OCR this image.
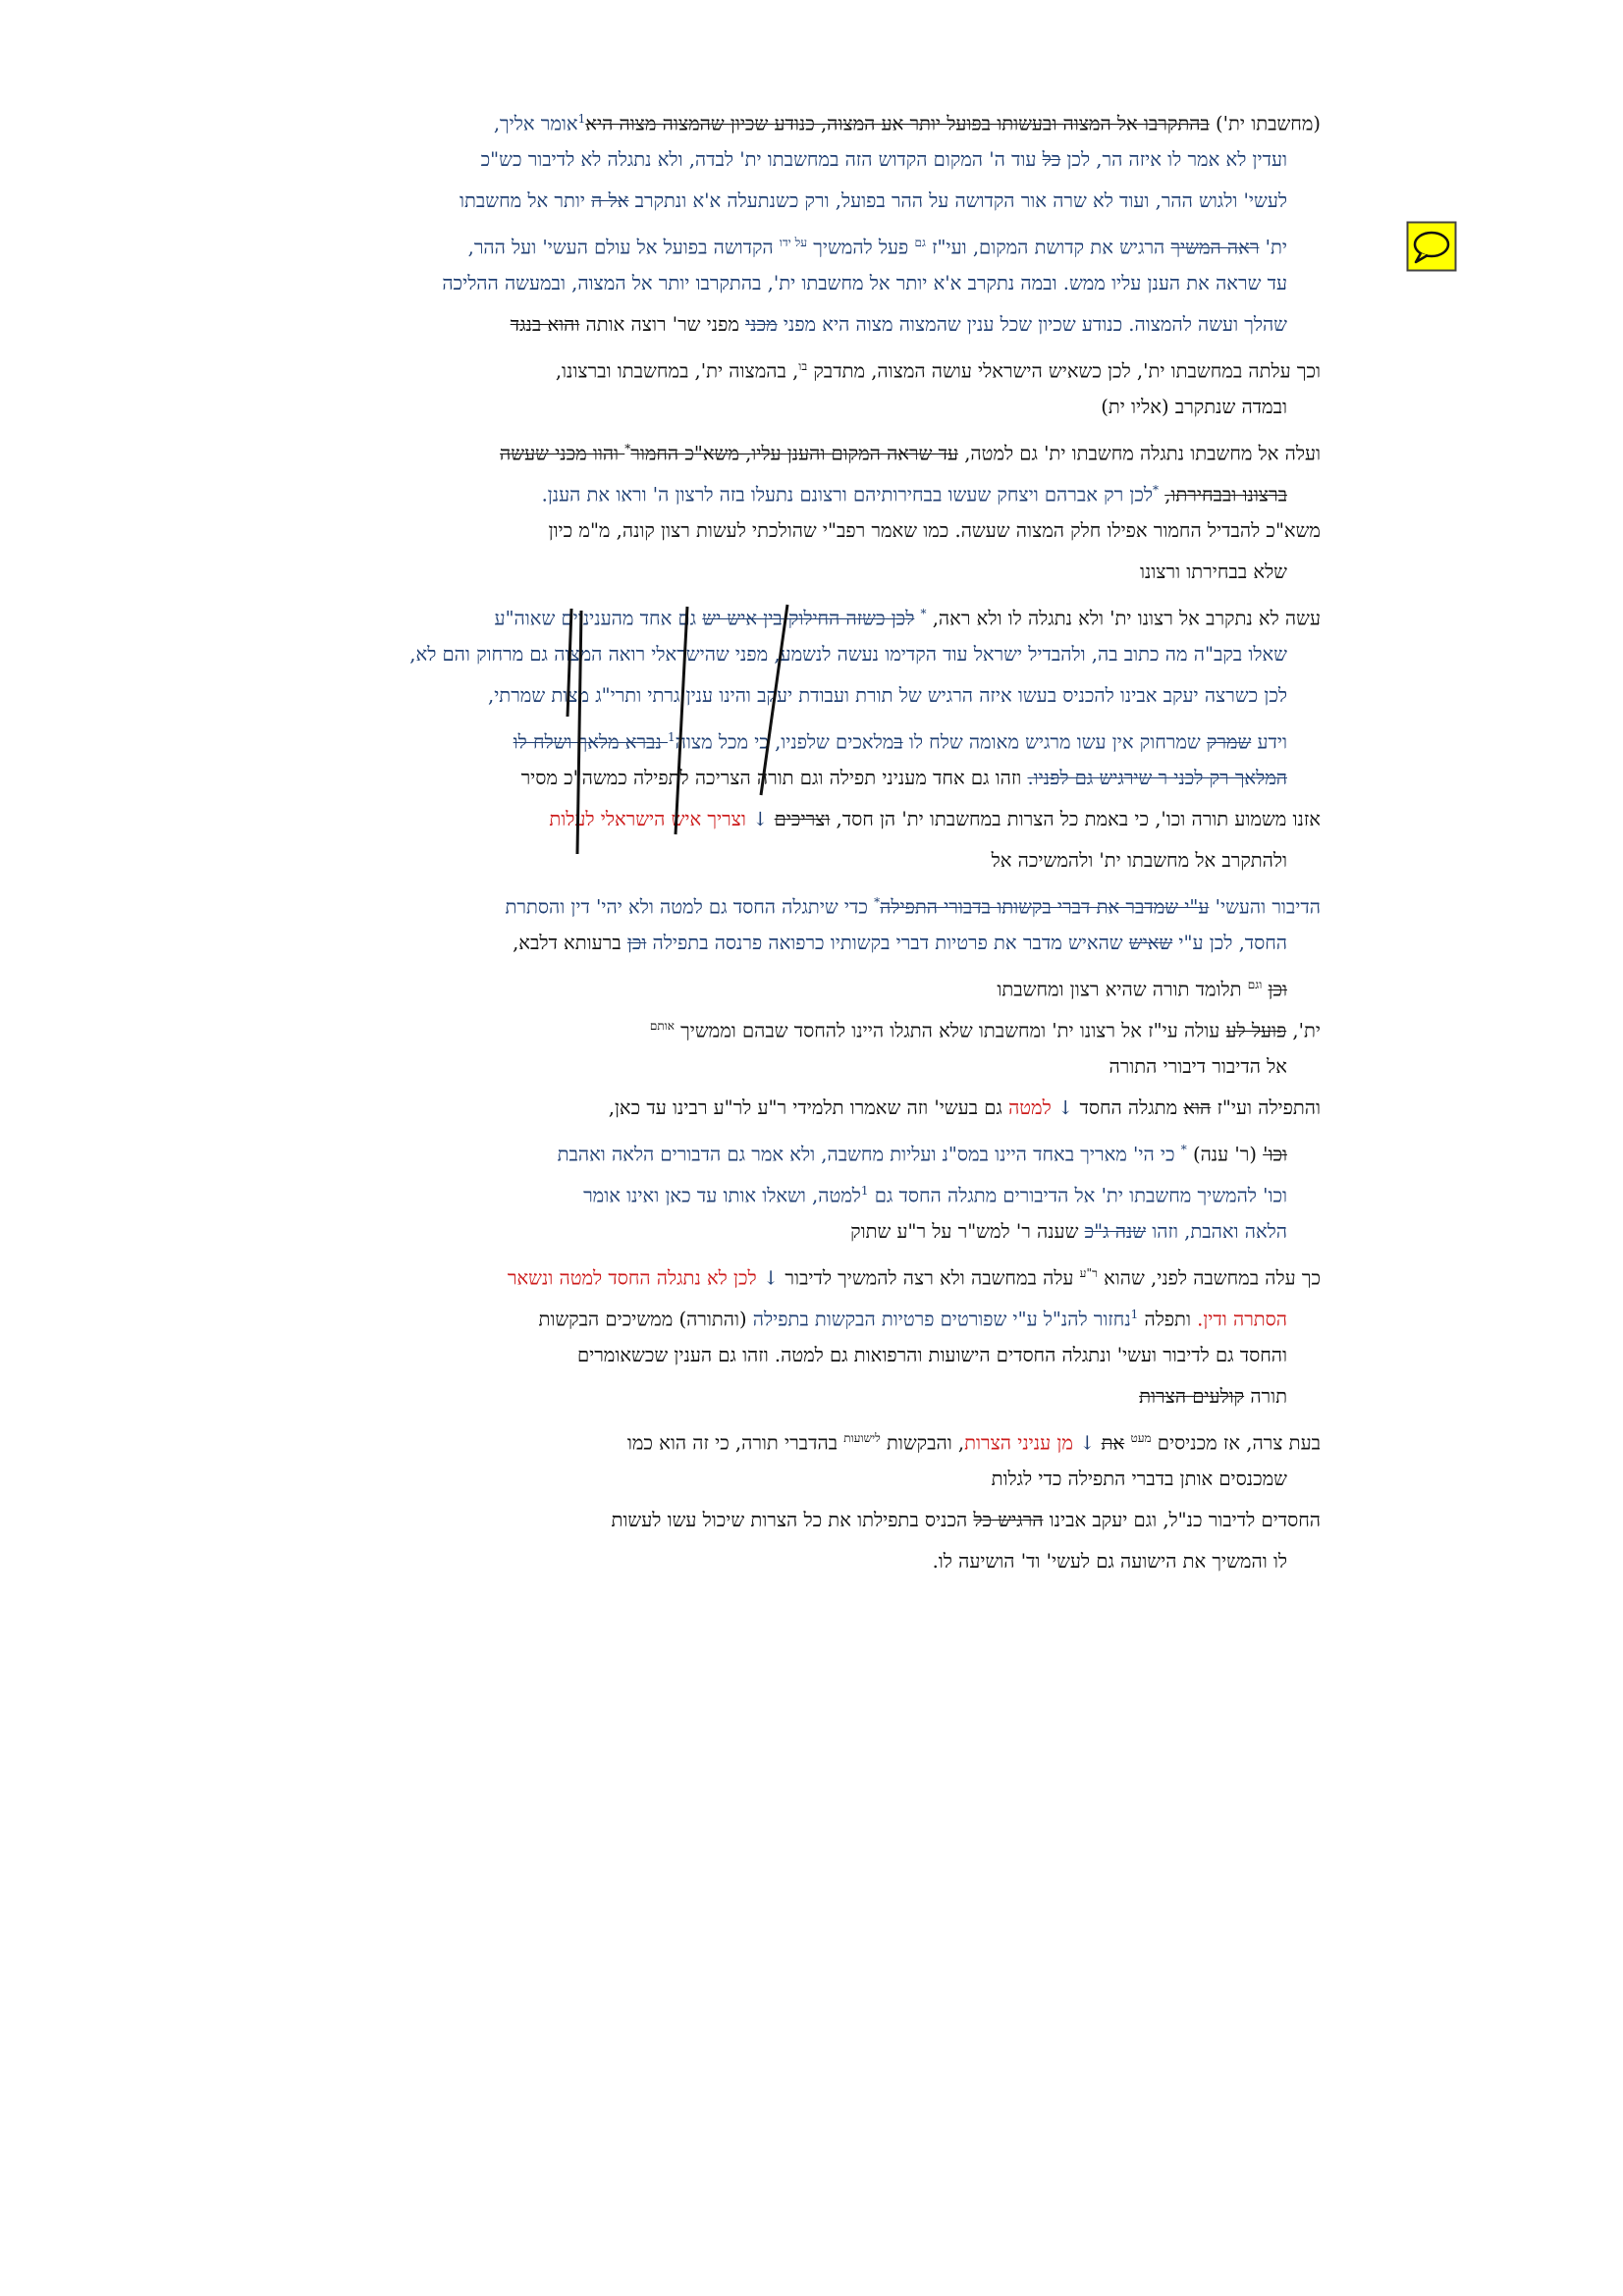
(מחשבתו ית') בהתקרבו אל המצוה ובעשותו בפועל יותר אע המצוה, כנודע שכיון שהמצוה מצוה היא$^1$אומר אליך,
ועדין לא אמר לו איזה הר, לכן כל עוד ה' המקום הקדוש הזה במחשבתו ית' לבדה, ולא נתגלה לא לדיבור כש"כ
לעשי' ולגוש ההר, ועוד לא שרה אור הקדושה על ההר בפועל, ורק כשנתעלה א'א ונתקרב אל ה יותר אל מחשבתו
ית' ראה המשיך הרגיש את קדושת המקום, ועי"ז $^{גם}$ פעל להמשיך $^{על ידו}$ הקדושה בפועל אל עולם העשי' ועל ההר,
עד שראה את הענן עליו ממש. ובמה נתקרב א'א יותר אל מחשבתו ית', בהתקרבו יותר אל המצוה, ובמעשה ההליכה
שהלך ועשה להמצוה. כנודע שכיון שכל ענין שהמצוה מצוה היא מפני מכני מפני שר' רוצה אותה והוא בנגד
וכך עלתה במחשבתו ית', לכן כשאיש הישראלי עושה המצוה, מתדבק $^{בו}$, בהמצוה ית', במחשבתו וברצונו,
ובמדה שנתקרב (אליו ית)
ועלה אל מחשבתו נתגלה מחשבתו ית' גם למטה, עד שראה המקום והענן עליו, משא"כ החמור* והוו מכני שעשה
ברצונו ובבחירתו, *לכן רק אברהם ויצחק שעשו בבחירותיהם ורצונם נתעלו בזה לרצון ה' וראו את הענן.
משא"כ להבדיל החמור אפילו חלק המצוה שעשה. כמו שאמר רפב"י שהולכתי לעשות רצון קונה, מ"מ כיון
שלא בבחירתו ורצונו
עשה לא נתקרב אל רצונו ית' ולא נתגלה לו ולא ראה, * לכן כשזה החילוק בין איש יש גם אחד מהעניניים שאוה"ע
שאלו בקב"ה מה כתוב בה, ולהבדיל ישראל עוד הקדימו נעשה לנשמע, מפני שהישראלי רואה המצוה גם מרחוק והם לא,
לכן כשרצה יעקב אבינו להכניס בעשו איזה הרגיש של תורת ועבודת יעקב והינו ענין גרתי ותרי"ג מצות שמרתי,
וידע שמרק שמרחוק אין עשו מרגיש מאומה שלח לו במלאכים שלפניו, כי מכל מצוה$^1$ נברא מלאך ושלח לו
המלאך רק לכני ר שירגיש גם לפניו. וזהו גם אחד מעניני תפילה וגם תורה הצריכה לתפילה כמשה"כ מסיר
אזנו משמוע תורה וכו', כי באמת כל הצרות במחשבתו ית' הן חסד, וצריכים ↓ וצריך איש הישראלי לעלות
ולהתקרב אל מחשבתו ית' ולהמשיכה אל
הדיבור והעשי' ע"י שמדבר את דברי בקשותו בדבורי התפילה* כדי שיתגלה החסד גם למטה ולא יהי' דין והסתרת
החסד, לכן ע"י שאיש שהאיש מדבר את פרטיות דברי בקשותיו כרפואה פרנסה בתפילה וכן ברעותא דלבא,
וכן $^{וגם}$ תלומד תורה שהיא רצון ומחשבתו
ית', פועל לע עולה עי"ז אל רצונו ית' ומחשבתו שלא התגלו היינו להחסד שבהם וממשיך $^{אותם}$
אל הדיבור דיבורי התורה
והתפילה ועי"ז הוא מתגלה החסד ↓ למטה גם בעשי' וזה שאמרו תלמידי ר"ע לר"ע רבינו עד כאן,
וכו' (ר' ענה) * כי הי' מאריך באחד היינו במס"נ ועליות מחשבה, ולא אמר גם הדבורים הלאה ואהבת
וכו' להמשיך מחשבתו ית' אל הדיבורים מתגלה החסד גם $^1$למטה, ושאלו אותו עד כאן ואינו אומר
הלאה ואהבת, וזהו שנה ג"כ שענה ר' למש"ר על ר"ע שתוק
כך עלה במחשבה לפני, שהוא $^{ר"ע}$ עלה במחשבה ולא רצה להמשיך לדיבור ↓ לכן לא נתגלה החסד למטה ונשאר
הסתרה ודין. ותפלה $^1$נחזור להנ"ל ע"י שפורטים פרטיות הבקשות בתפילה (והתורה) ממשיכים הבקשות
והחסד גם לדיבור ועשי' ונתגלה החסדים הישועות והרפואות גם למטה. וזהו גם הענין שכשאומרים
תורה קולעים הצרות
בעת צרה, אז מכניסים $^{מעט}$ את ↓ מן עניני הצרות, והבקשות $^{לישועות}$ בהדברי תורה, כי זה הוא כמו
שמכנסים אותן בדברי התפילה כדי לגלות
החסדים לדיבור כנ"ל, וגם יעקב אבינו הרגיש כל הכניס בתפילתו את כל הצרות שיכול עשו לעשות
לו והמשיך את הישועה גם לעשי' וד' הושיעה לו.
